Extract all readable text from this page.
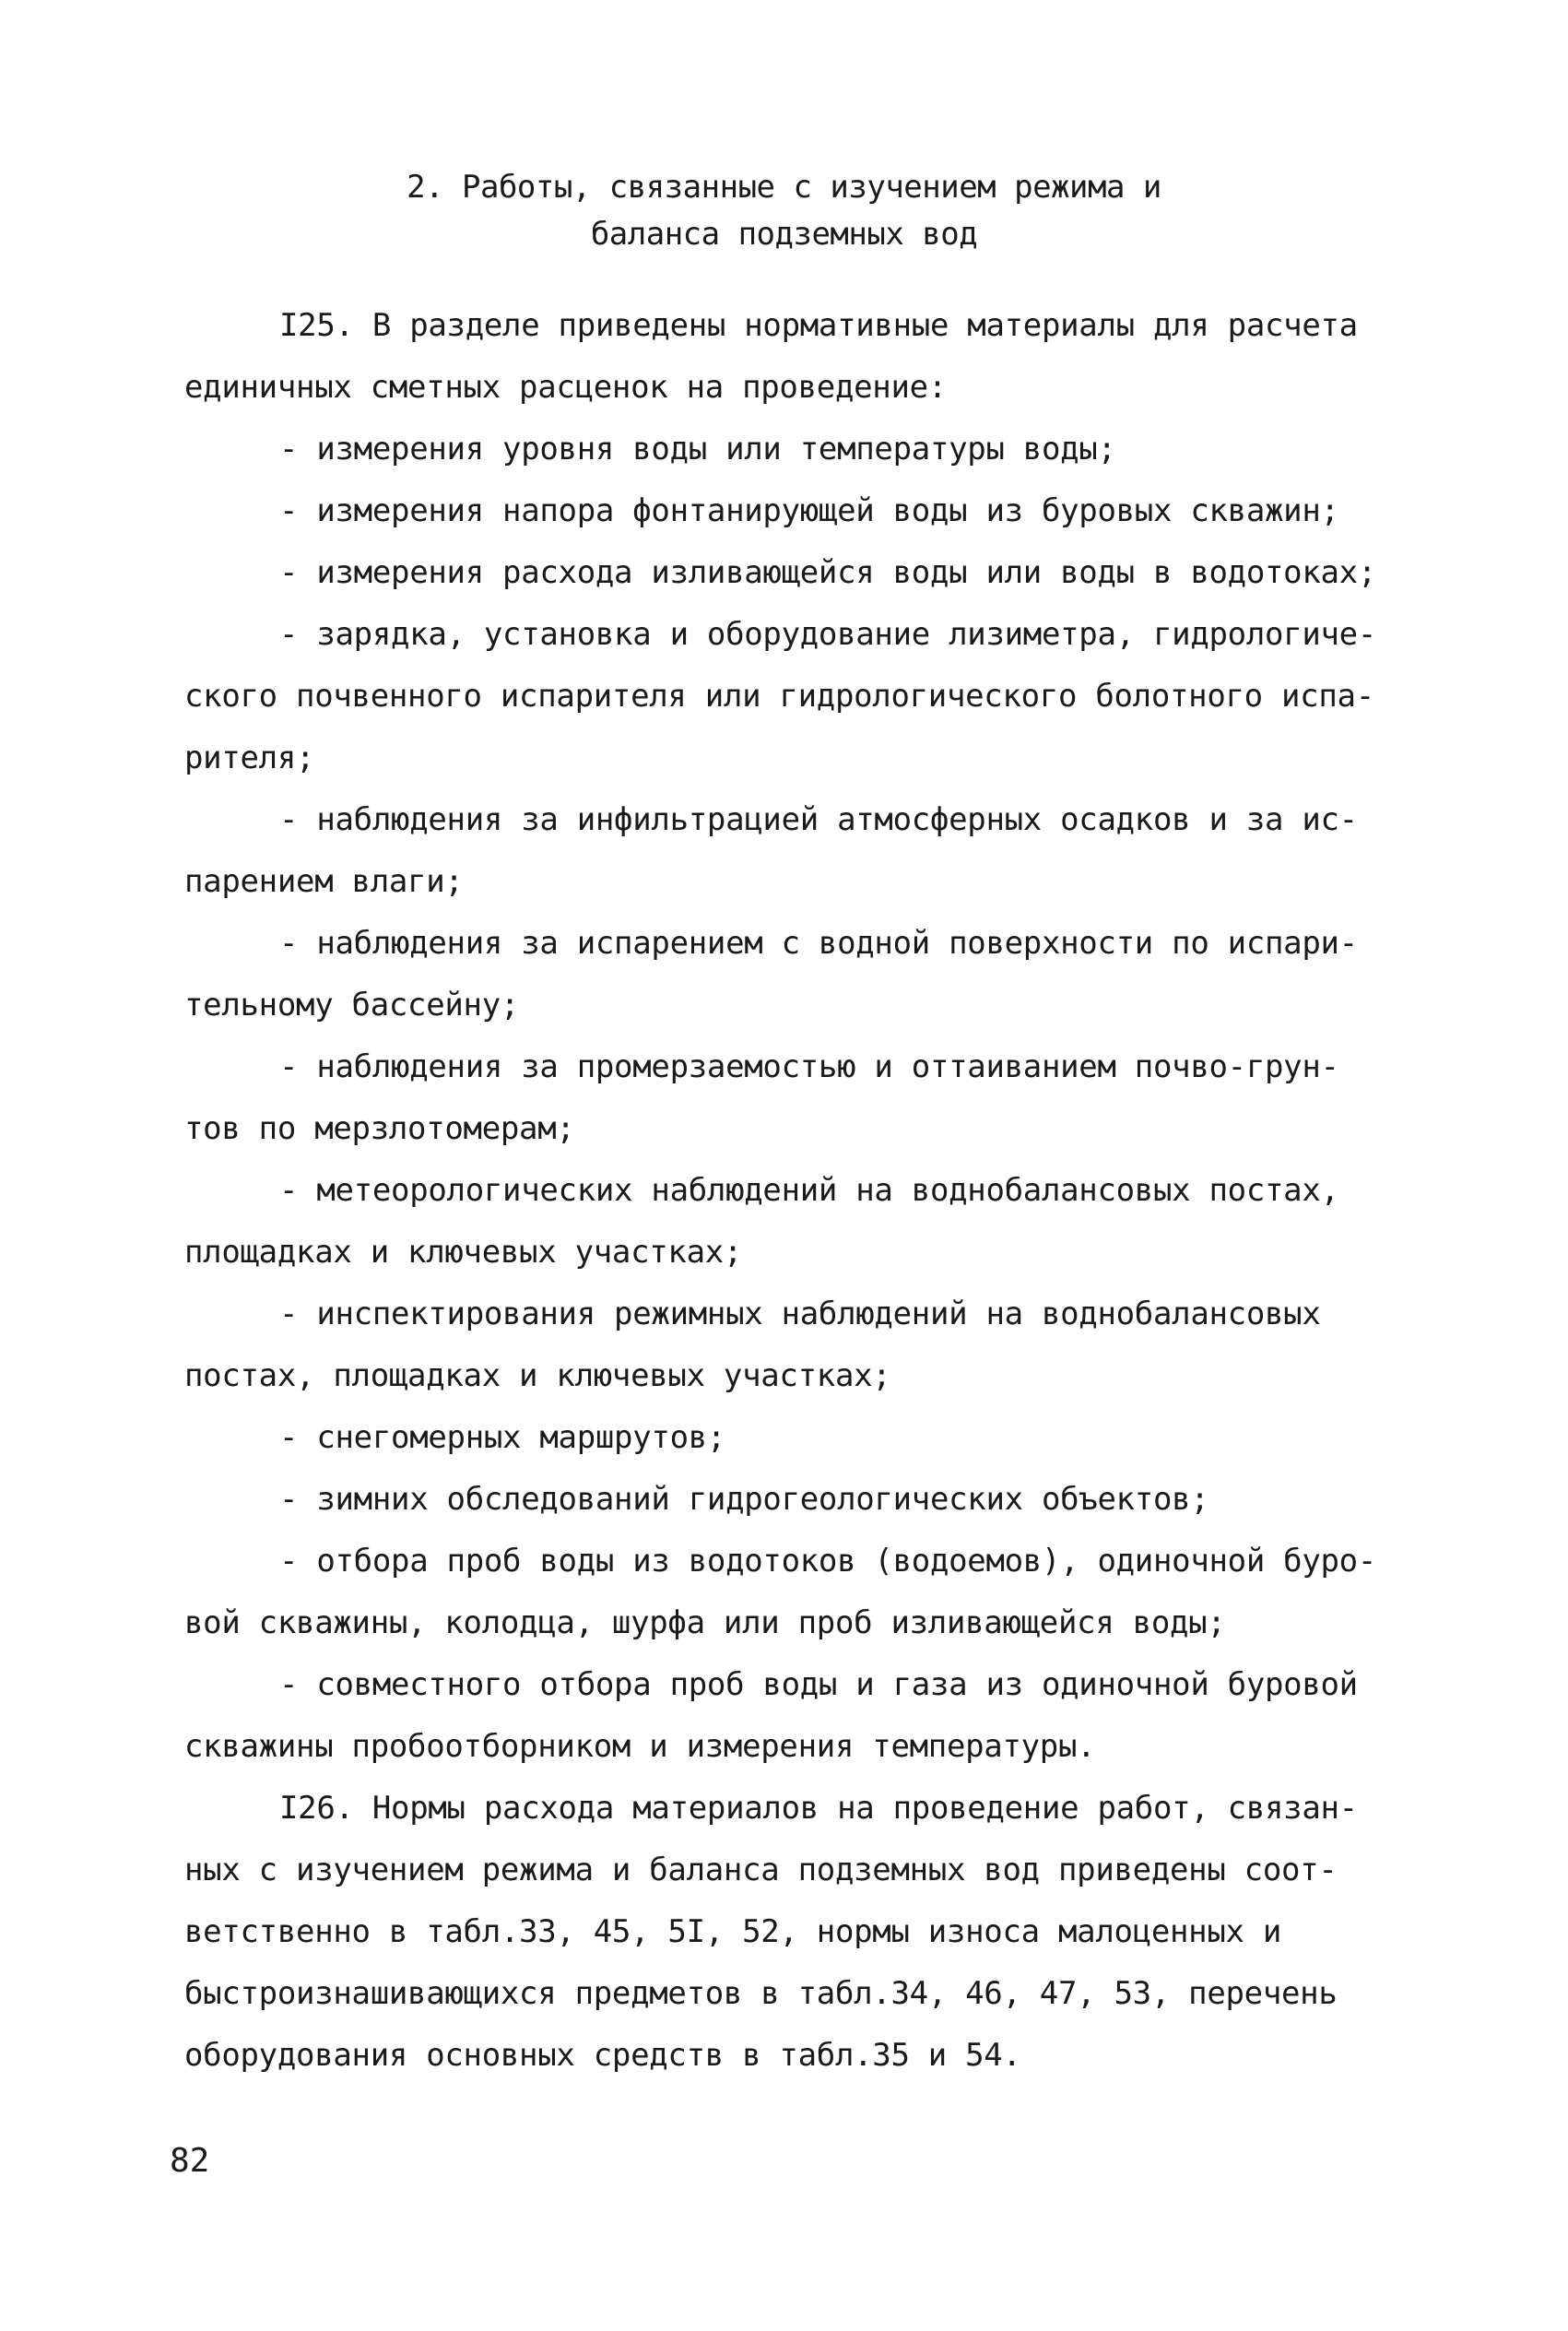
2. Работы, связанные с изучением режима и
баланса подземных вод
I25. В разделе приведены нормативные материалы для расчета
единичных сметных расценок на проведение:
- измерения уровня воды или температуры воды;
- измерения напора фонтанирующей воды из буровых скважин;
- измерения расхода изливающейся воды или воды в водотоках;
- зарядка, установка и оборудование лизиметра, гидрологиче-
ского почвенного испарителя или гидрологического болотного испа-
рителя;
- наблюдения за инфильтрацией атмосферных осадков и за ис-
парением влаги;
- наблюдения за испарением с водной поверхности по испари-
тельному бассейну;
- наблюдения за промерзаемостью и оттаиванием почво-грун-
тов по мерзлотомерам;
- метеорологических наблюдений на воднобалансовых постах,
площадках и ключевых участках;
- инспектирования режимных наблюдений на воднобалансовых
постах, площадках и ключевых участках;
- снегомерных маршрутов;
- зимних обследований гидрогеологических объектов;
- отбора проб воды из водотоков (водоемов), одиночной буро-
вой скважины, колодца, шурфа или проб изливающейся воды;
- совместного отбора проб воды и газа из одиночной буровой
скважины пробоотборником и измерения температуры.
I26. Нормы расхода материалов на проведение работ, связан-
ных с изучением режима и баланса подземных вод приведены соот-
ветственно в табл.33, 45, 5I, 52, нормы износа малоценных и
быстроизнашивающихся предметов в табл.34, 46, 47, 53, перечень
оборудования основных средств в табл.35 и 54.
82
